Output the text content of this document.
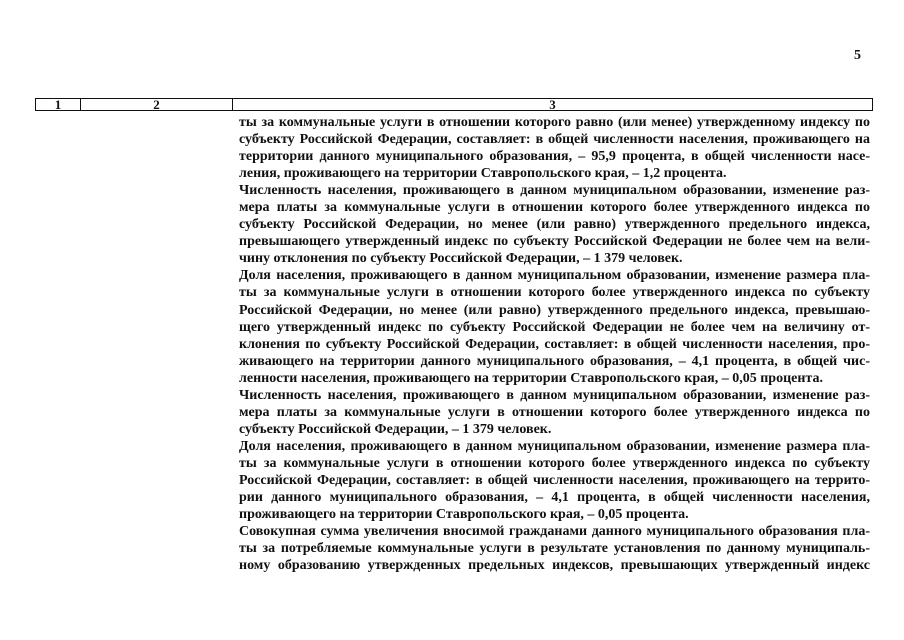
5
1	2	3
ты за коммунальные услуги в отношении которого равно (или менее) утвержденному индексу по
субъекту Российской Федерации, составляет: в общей численности населения, проживающего на
территории данного муниципального образования, – 95,9 процента, в общей численности насе-
ления, проживающего на территории Ставропольского края, – 1,2 процента.
Численность населения, проживающего в данном муниципальном образовании, изменение раз-
мера платы за коммунальные услуги в отношении которого более утвержденного индекса по
субъекту Российской Федерации, но менее (или равно) утвержденного предельного индекса,
превышающего утвержденный индекс по субъекту Российской Федерации не более чем на вели-
чину отклонения по субъекту Российской Федерации, – 1 379 человек.
Доля населения, проживающего в данном муниципальном образовании, изменение размера пла-
ты за коммунальные услуги в отношении которого более утвержденного индекса по субъекту
Российской Федерации, но менее (или равно) утвержденного предельного индекса, превышаю-
щего утвержденный индекс по субъекту Российской Федерации не более чем на величину от-
клонения по субъекту Российской Федерации, составляет: в общей численности населения, про-
живающего на территории данного муниципального образования, – 4,1 процента, в общей чис-
ленности населения, проживающего на территории Ставропольского края, – 0,05 процента.
Численность населения, проживающего в данном муниципальном образовании, изменение раз-
мера платы за коммунальные услуги в отношении которого более утвержденного индекса по
субъекту Российской Федерации, – 1 379 человек.
Доля населения, проживающего в данном муниципальном образовании, изменение размера пла-
ты за коммунальные услуги в отношении которого более утвержденного индекса по субъекту
Российской Федерации, составляет: в общей численности населения, проживающего на террито-
рии данного муниципального образования, – 4,1 процента, в общей численности населения,
проживающего на территории Ставропольского края, – 0,05 процента.
Совокупная сумма увеличения вносимой гражданами данного муниципального образования пла-
ты за потребляемые коммунальные услуги в результате установления по данному муниципаль-
ному образованию утвержденных предельных индексов, превышающих утвержденный индекс
